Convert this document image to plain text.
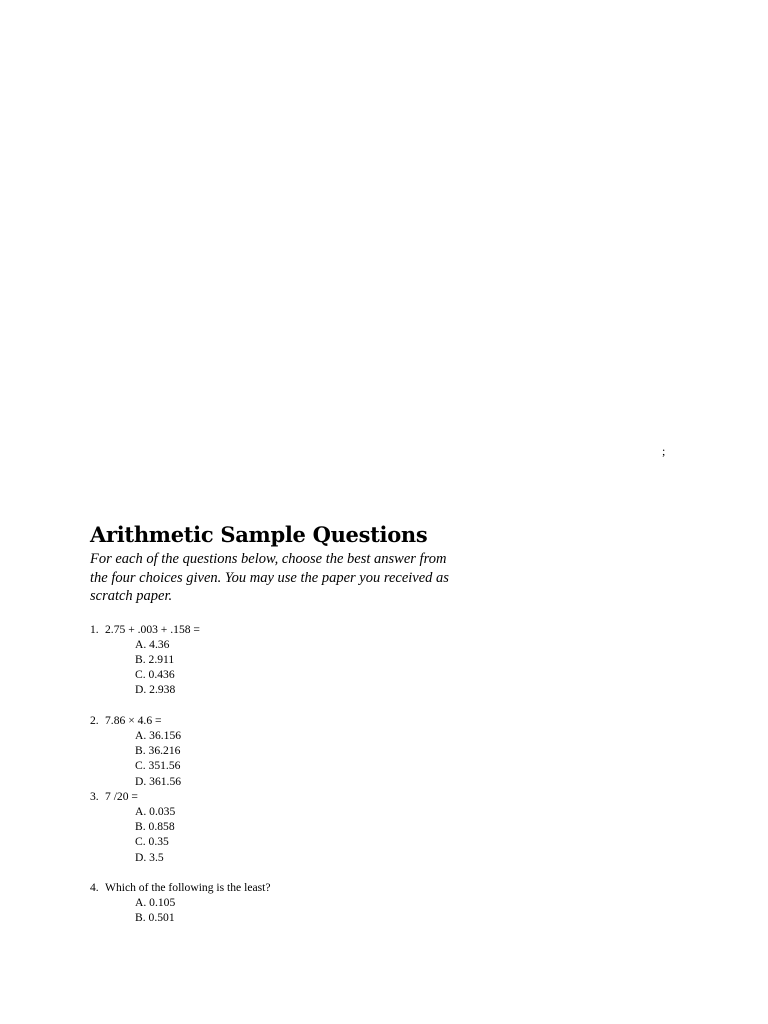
;
Arithmetic Sample Questions

For each of the questions below, choose the best answer from the four choices given. You may use the paper you received as scratch paper.

1. 2.75 + .003 + .158 =
A. 4.36
B. 2.911
C. 0.436
D. 2.938
2. 7.86 × 4.6 =
A. 36.156
B. 36.216
C. 351.56
D. 361.56
3. 7 /20 =
A. 0.035
B. 0.858
C. 0.35
D. 3.5
4. Which of the following is the least?
A. 0.105
B. 0.501
